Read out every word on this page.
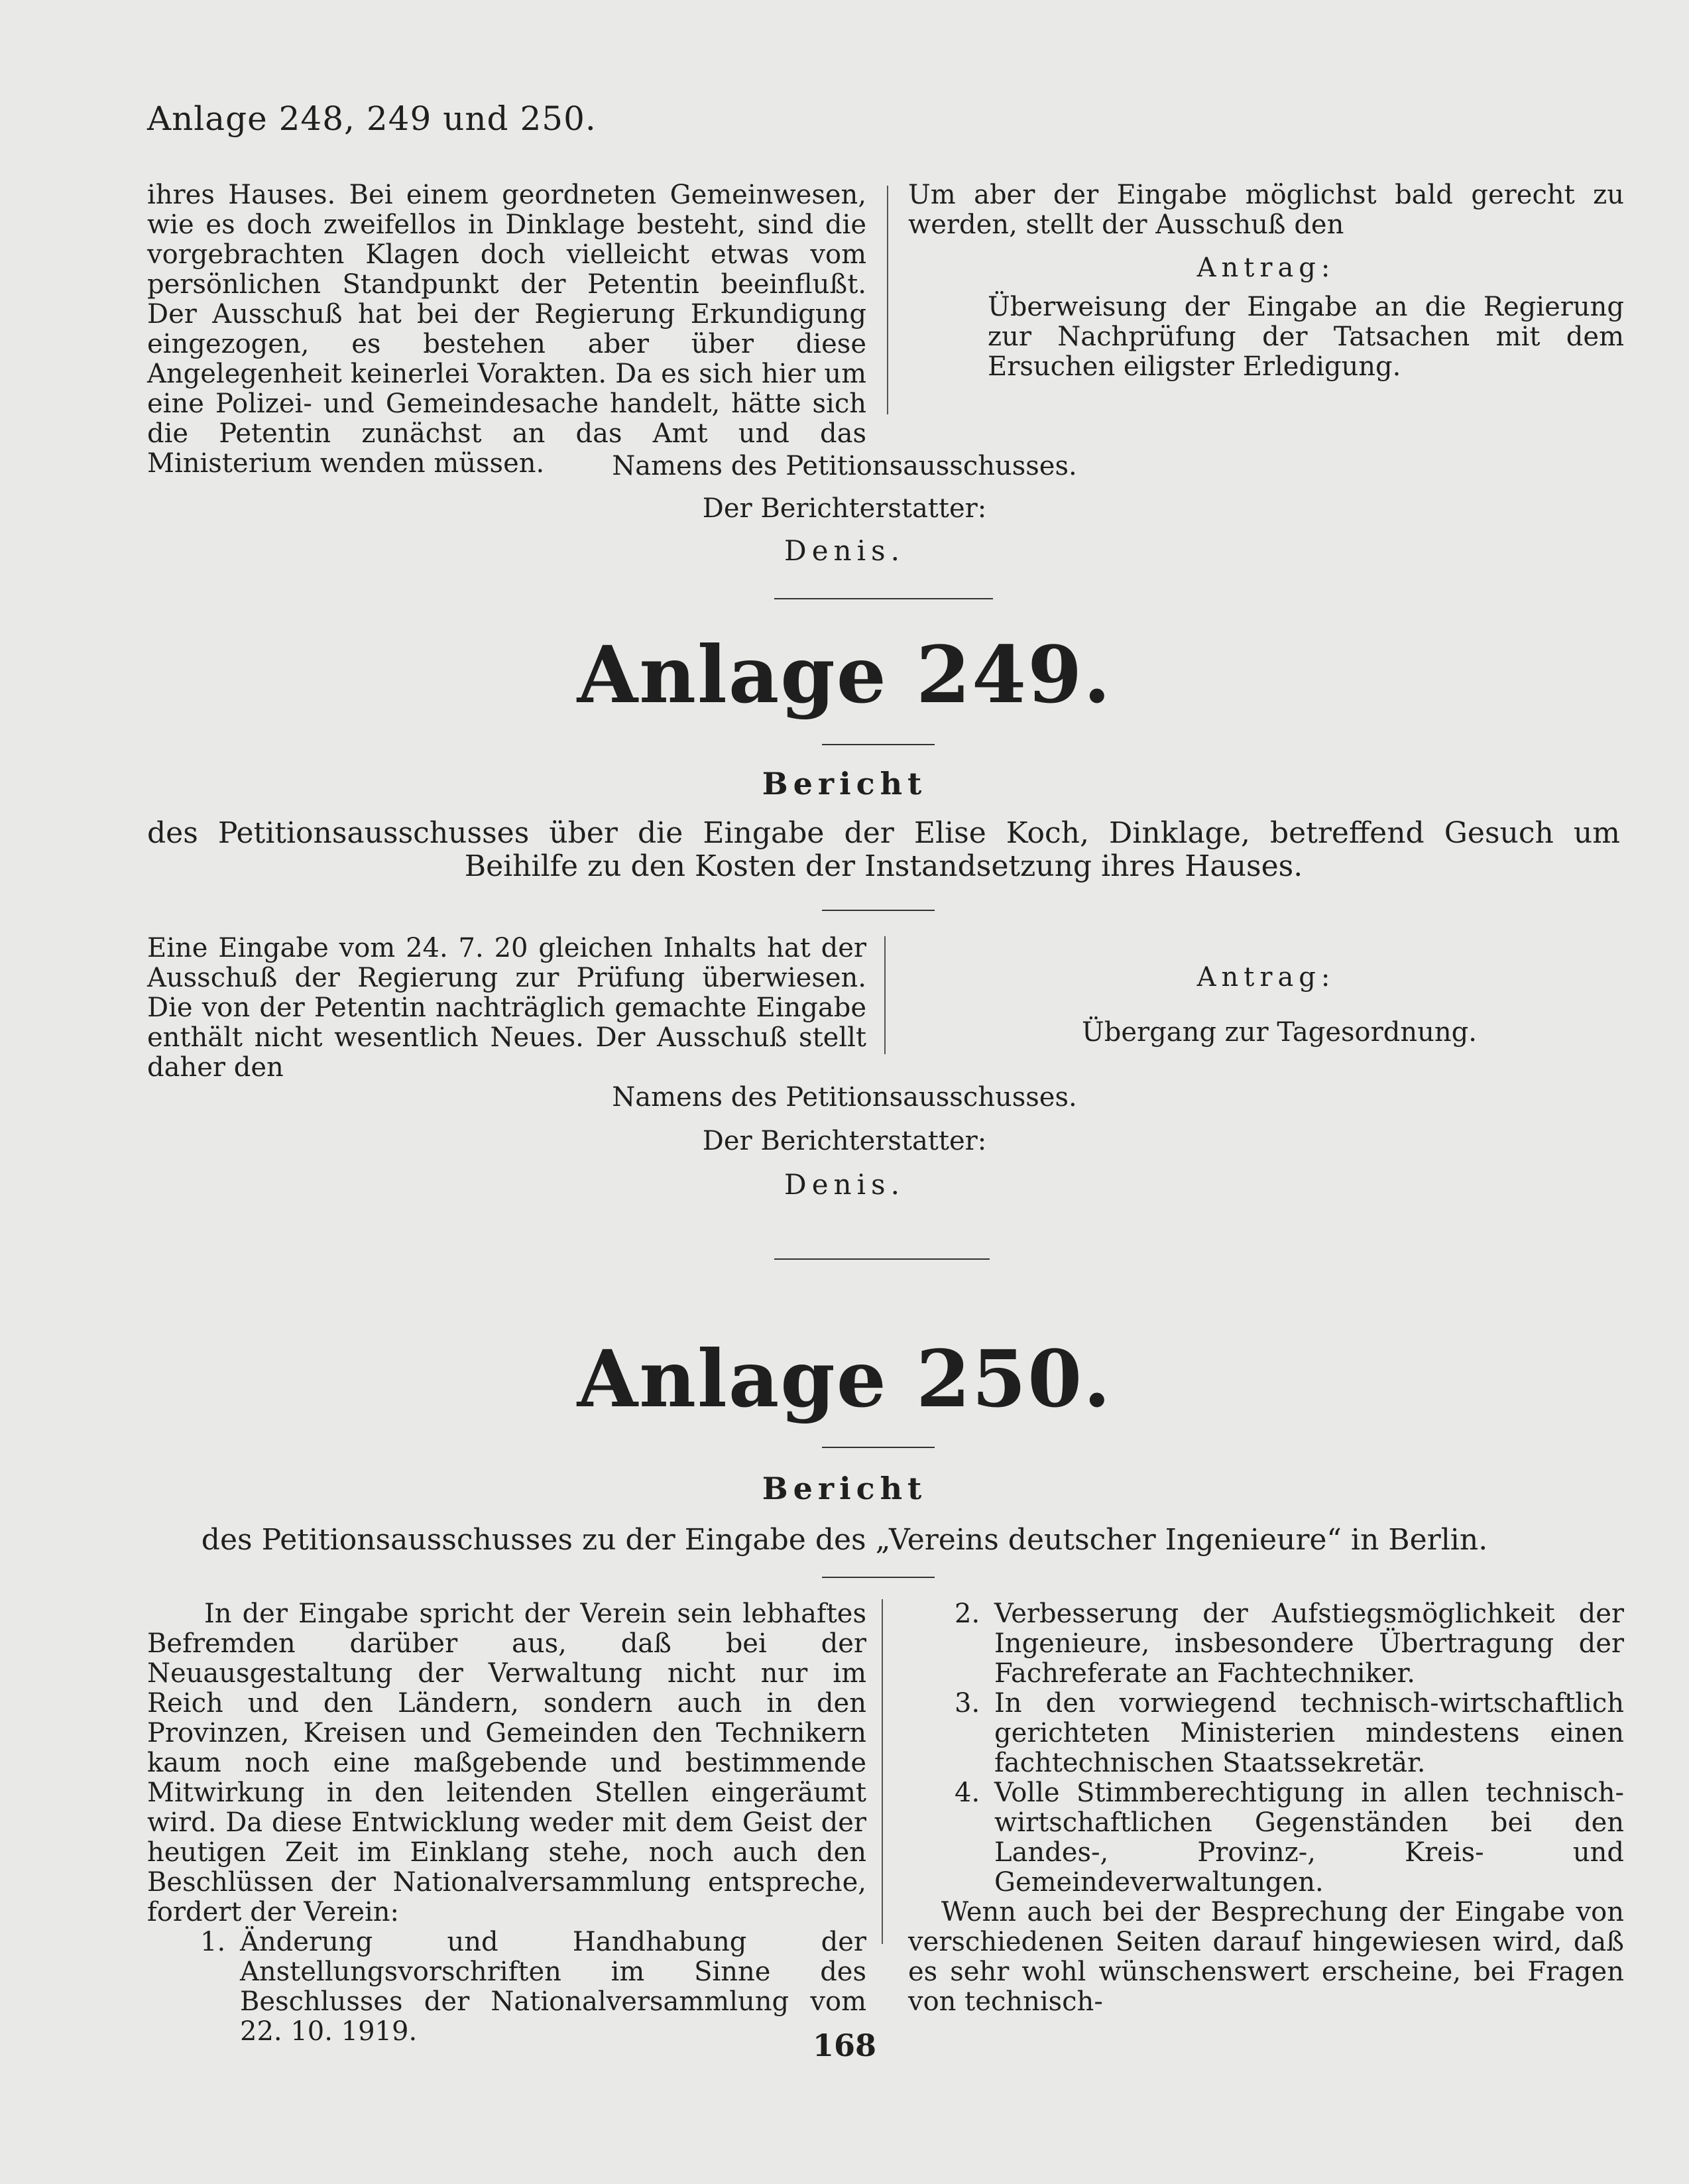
Anlage 248, 249 und 250.

ihres Hauses. Bei einem geordneten Gemeinwesen, wie es doch zweifellos in Dinklage besteht, sind die vorgebrachten Klagen doch vielleicht etwas vom persönlichen Standpunkt der Petentin beeinflußt. Der Ausschuß hat bei der Regierung Erkundigung eingezogen, es bestehen aber über diese Angelegenheit keinerlei Vorakten. Da es sich hier um eine Polizei- und Gemeindesache handelt, hätte sich die Petentin zunächst an das Amt und das Ministerium wenden müssen.

Um aber der Eingabe möglichst bald gerecht zu werden, stellt der Ausschuß den

Antrag:

Überweisung der Eingabe an die Regierung zur Nachprüfung der Tatsachen mit dem Ersuchen eiligster Erledigung.

Namens des Petitionsausschusses.
Der Berichterstatter:
Denis.
Anlage 249.
Bericht
des Petitionsausschusses über die Eingabe der Elise Koch, Dinklage, betreffend Gesuch um Beihilfe zu den Kosten der Instandsetzung ihres Hauses.

Eine Eingabe vom 24. 7. 20 gleichen Inhalts hat der Ausschuß der Regierung zur Prüfung überwiesen. Die von der Petentin nachträglich gemachte Eingabe enthält nicht wesentlich Neues. Der Ausschuß stellt daher den

Antrag:
Übergang zur Tagesordnung.
Namens des Petitionsausschusses.
Der Berichterstatter:
Denis.
Anlage 250.
Bericht
des Petitionsausschusses zu der Eingabe des „Vereins deutscher Ingenieure“ in Berlin.

In der Eingabe spricht der Verein sein lebhaftes Befremden darüber aus, daß bei der Neuausgestaltung der Verwaltung nicht nur im Reich und den Ländern, sondern auch in den Provinzen, Kreisen und Gemeinden den Technikern kaum noch eine maßgebende und bestimmende Mitwirkung in den leitenden Stellen eingeräumt wird. Da diese Entwicklung weder mit dem Geist der heutigen Zeit im Einklang stehe, noch auch den Beschlüssen der Nationalversammlung entspreche, fordert der Verein:

1. Änderung und Handhabung der Anstellungsvorschriften im Sinne des Beschlusses der Nationalversammlung vom 22. 10. 1919.
2. Verbesserung der Aufstiegsmöglichkeit der Ingenieure, insbesondere Übertragung der Fachreferate an Fachtechniker.
3. In den vorwiegend technisch-wirtschaftlich gerichteten Ministerien mindestens einen fachtechnischen Staatssekretär.
4. Volle Stimmberechtigung in allen technisch-wirtschaftlichen Gegenständen bei den Landes-, Provinz-, Kreis- und Gemeindeverwaltungen.

Wenn auch bei der Besprechung der Eingabe von verschiedenen Seiten darauf hingewiesen wird, daß es sehr wohl wünschenswert erscheine, bei Fragen von technisch-

168
